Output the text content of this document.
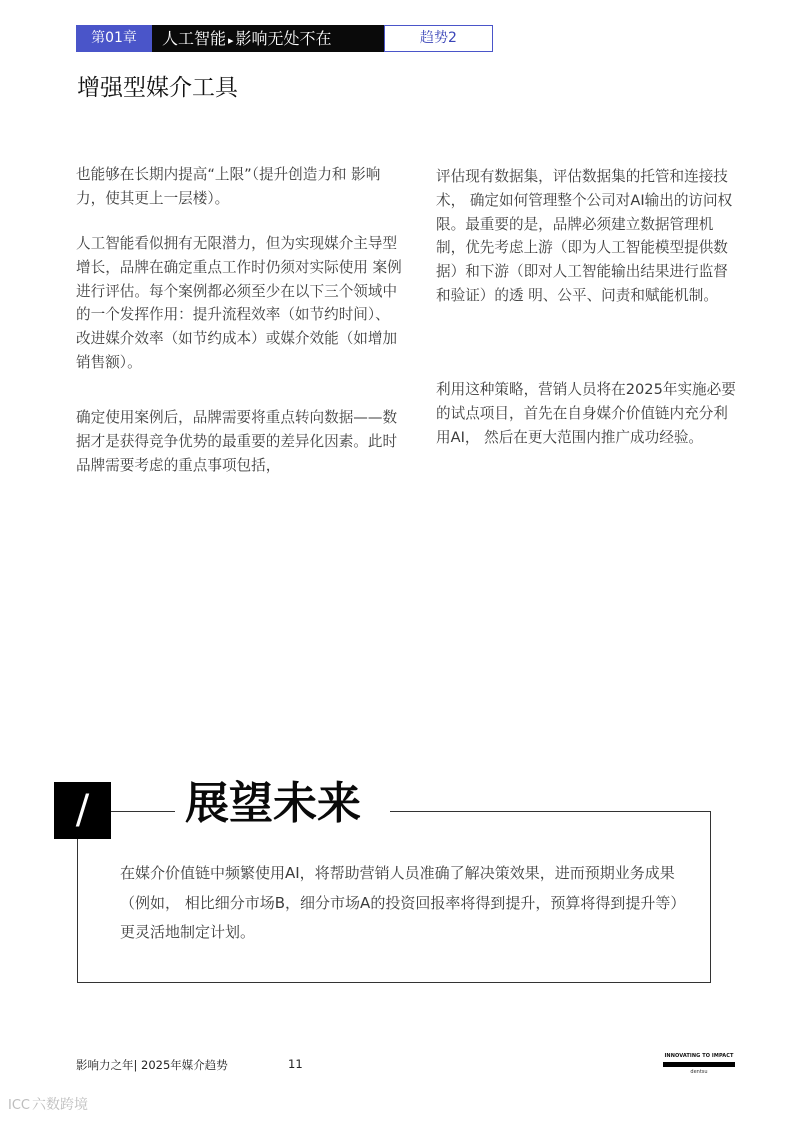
第01章	人工智能 ▸ 影响无处不在	趋势2
增强型媒介工具

也能够在长期内提高“上限”（提升创造力和 影响力，使其更上一层楼）。

人工智能看似拥有无限潜力，但为实现媒介主导型增长，品牌在确定重点工作时仍须对实际使用 案例进行评估。每个案例都必须至少在以下三个领域中的一个发挥作用：提升流程效率（如节约时间）、改进媒介效率（如节约成本）或媒介效能（如增加销售额）。

确定使用案例后，品牌需要将重点转向数据——数据才是获得竞争优势的最重要的差异化因素。此时品牌需要考虑的重点事项包括，

评估现有数据集，评估数据集的托管和连接技术， 确定如何管理整个公司对AI输出的访问权限。最重要的是，品牌必须建立数据管理机制，优先考虑上游（即为人工智能模型提供数据）和下游（即对人工智能输出结果进行监督和验证）的透 明、公平、问责和赋能机制。

利用这种策略，营销人员将在2025年实施必要的试点项目，首先在自身媒介价值链内充分利用AI， 然后在更大范围内推广成功经验。

/	展望未来

在媒介价值链中频繁使用AI，将帮助营销人员准确了解决策效果，进而预期业务成果（例如， 相比细分市场B，细分市场A的投资回报率将得到提升，预算将得到提升等）更灵活地制定计划。

影响力之年| 2025年媒介趋势	11
INNOVATING TO IMPACT
dentsu
ICC 六数跨境
